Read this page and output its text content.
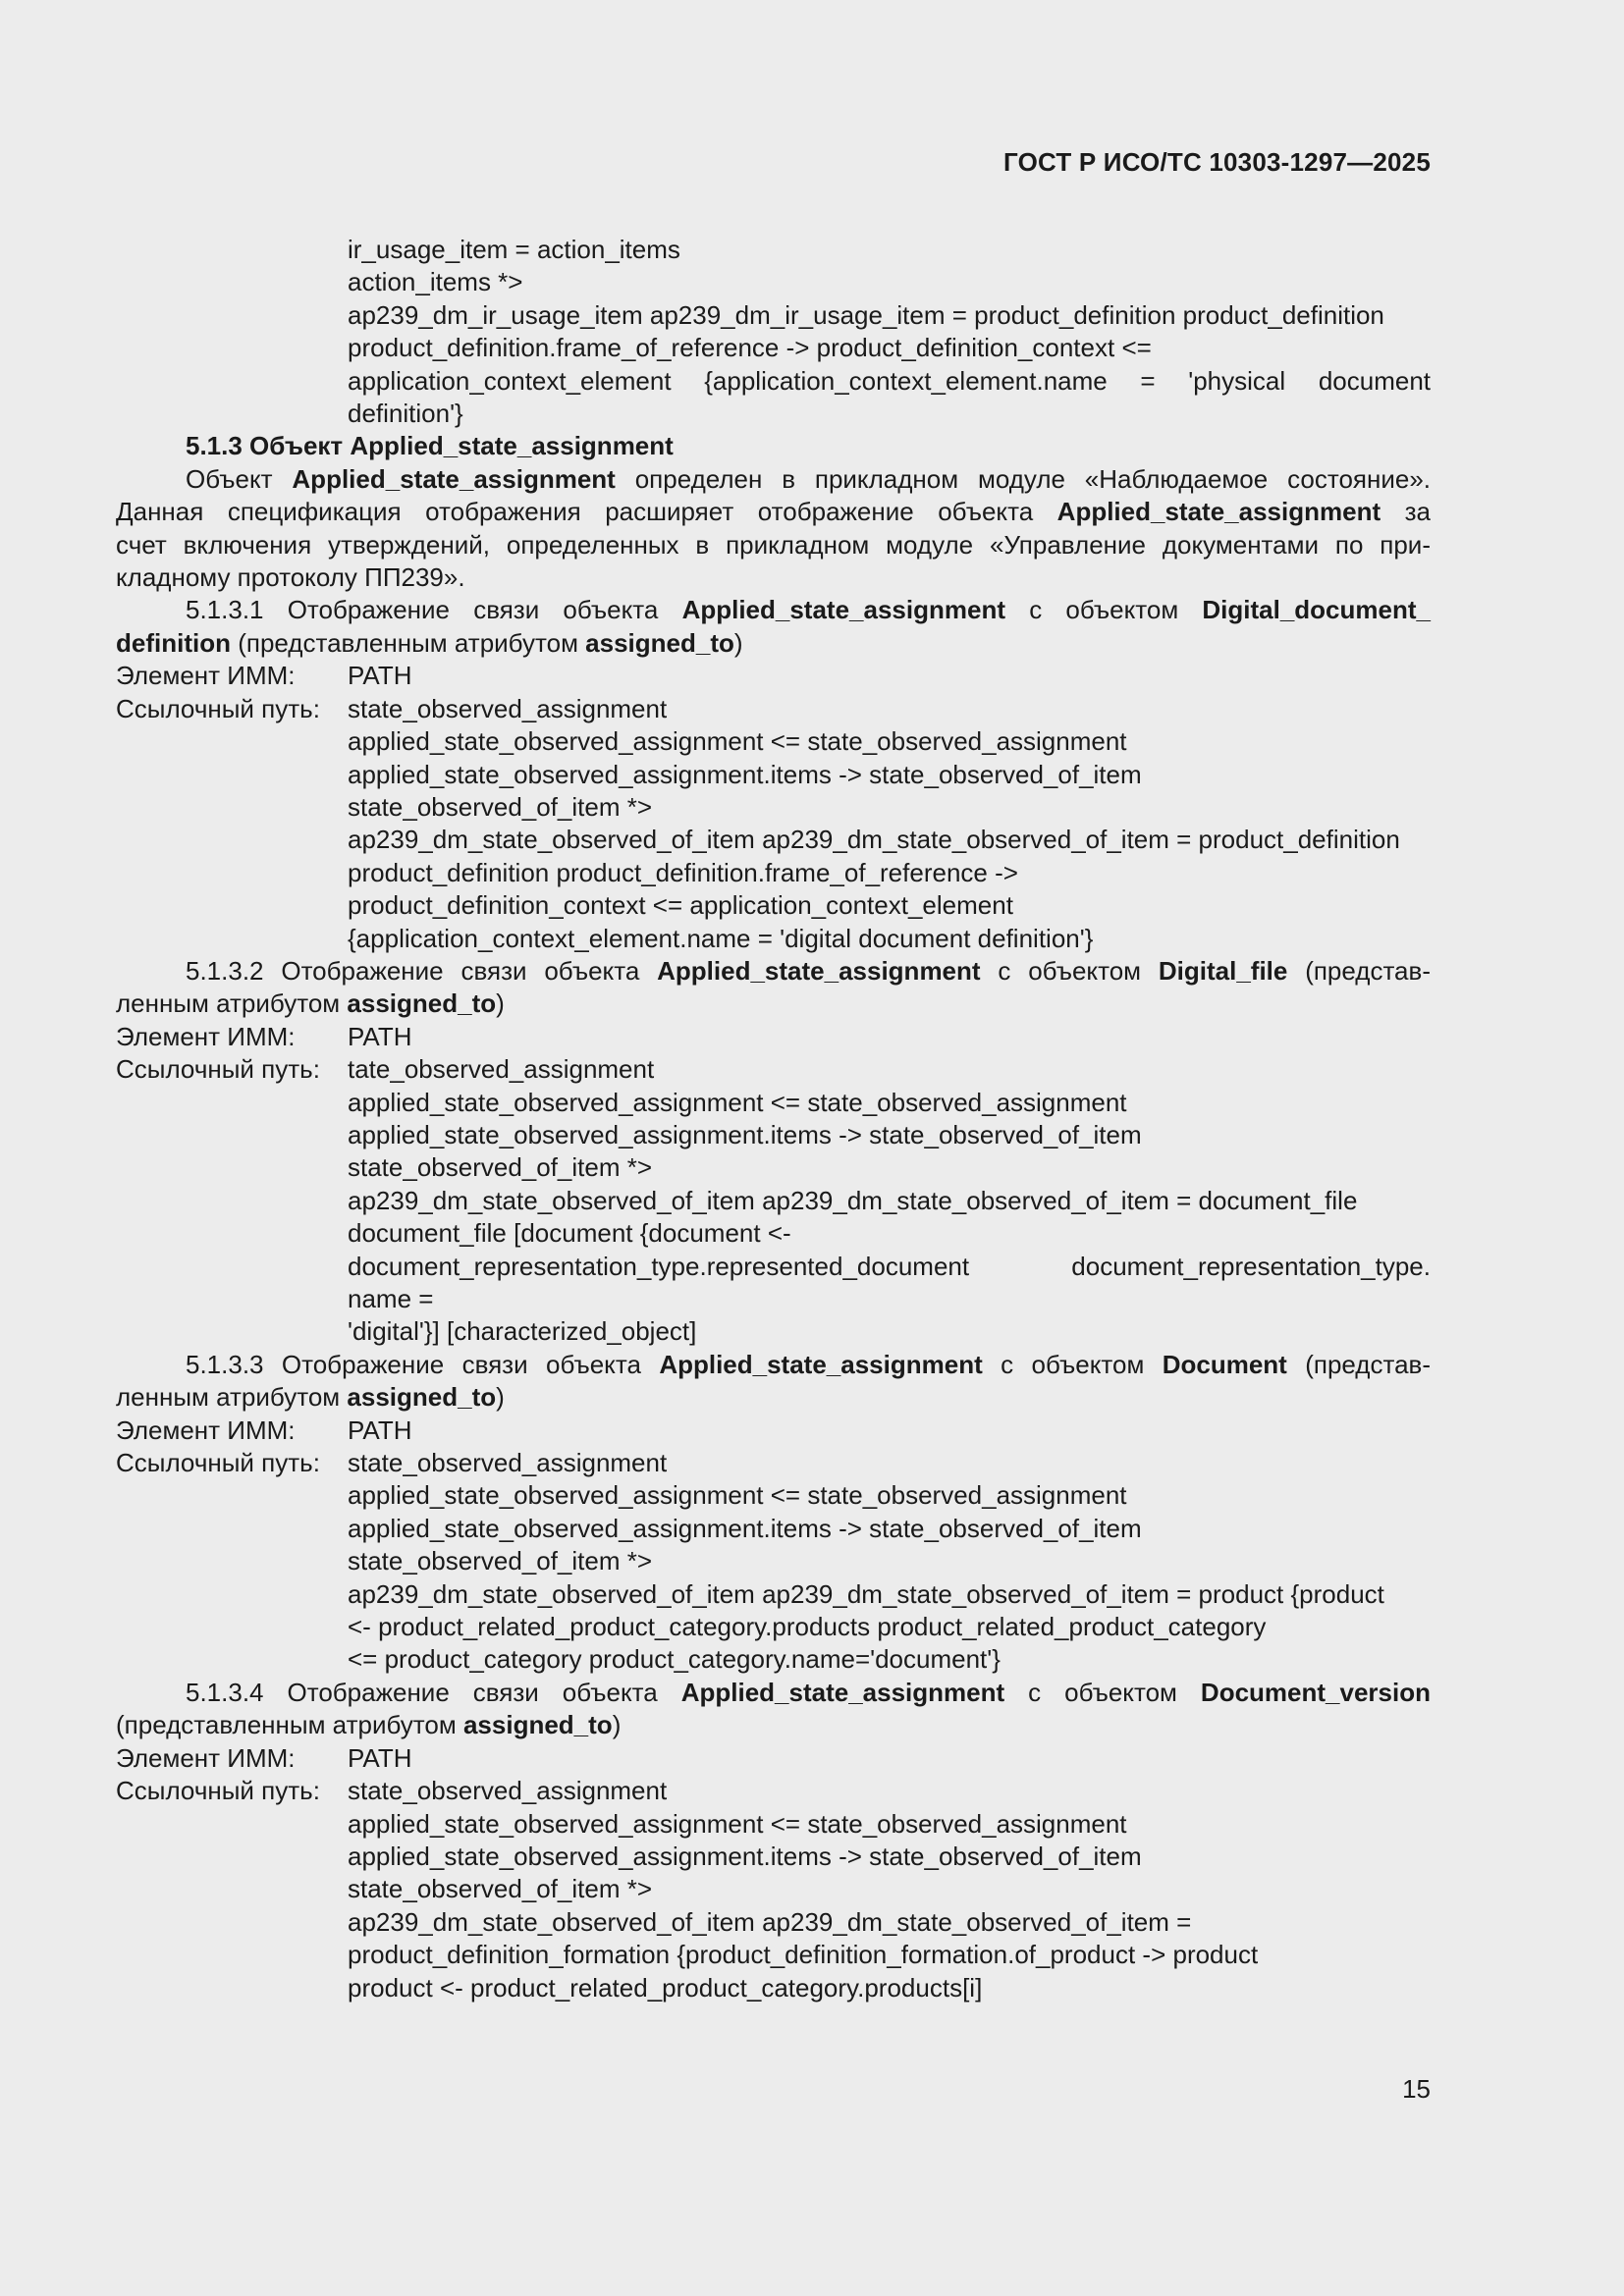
ГОСТ Р ИСО/ТС 10303-1297—2025
ir_usage_item = action_items
action_items *>
ap239_dm_ir_usage_item ap239_dm_ir_usage_item = product_definition product_definition
product_definition.frame_of_reference -> product_definition_context <=
application_context_element {application_context_element.name = 'physical document
definition'}
5.1.3 Объект Applied_state_assignment
Объект Applied_state_assignment определен в прикладном модуле «Наблюдаемое состояние».
Данная спецификация отображения расширяет отображение объекта Applied_state_assignment за
счет включения утверждений, определенных в прикладном модуле «Управление документами по при-
кладному протоколу ПП239».
5.1.3.1 Отображение связи объекта Applied_state_assignment с объектом Digital_document_
definition (представленным атрибутом assigned_to)
Элемент ИММ:	PATH
Ссылочный путь:	state_observed_assignment
applied_state_observed_assignment <= state_observed_assignment
applied_state_observed_assignment.items -> state_observed_of_item
state_observed_of_item *>
ap239_dm_state_observed_of_item ap239_dm_state_observed_of_item = product_definition
product_definition product_definition.frame_of_reference ->
product_definition_context <= application_context_element
{application_context_element.name = 'digital document definition'}
5.1.3.2 Отображение связи объекта Applied_state_assignment с объектом Digital_file (представ-
ленным атрибутом assigned_to)
Элемент ИММ:	PATH
Ссылочный путь:	tate_observed_assignment
applied_state_observed_assignment <= state_observed_assignment
applied_state_observed_assignment.items -> state_observed_of_item
state_observed_of_item *>
ap239_dm_state_observed_of_item ap239_dm_state_observed_of_item = document_file
document_file [document {document <-
document_representation_type.represented_document document_representation_type.
name =
'digital'}] [characterized_object]
5.1.3.3 Отображение связи объекта Applied_state_assignment с объектом Document (представ-
ленным атрибутом assigned_to)
Элемент ИММ:	PATH
Ссылочный путь:	state_observed_assignment
applied_state_observed_assignment <= state_observed_assignment
applied_state_observed_assignment.items -> state_observed_of_item
state_observed_of_item *>
ap239_dm_state_observed_of_item ap239_dm_state_observed_of_item = product {product
<- product_related_product_category.products product_related_product_category
<= product_category product_category.name='document'}
5.1.3.4 Отображение связи объекта Applied_state_assignment с объектом Document_version
(представленным атрибутом assigned_to)
Элемент ИММ:	PATH
Ссылочный путь:	state_observed_assignment
applied_state_observed_assignment <= state_observed_assignment
applied_state_observed_assignment.items -> state_observed_of_item
state_observed_of_item *>
ap239_dm_state_observed_of_item ap239_dm_state_observed_of_item =
product_definition_formation {product_definition_formation.of_product -> product
product <- product_related_product_category.products[i]
15
